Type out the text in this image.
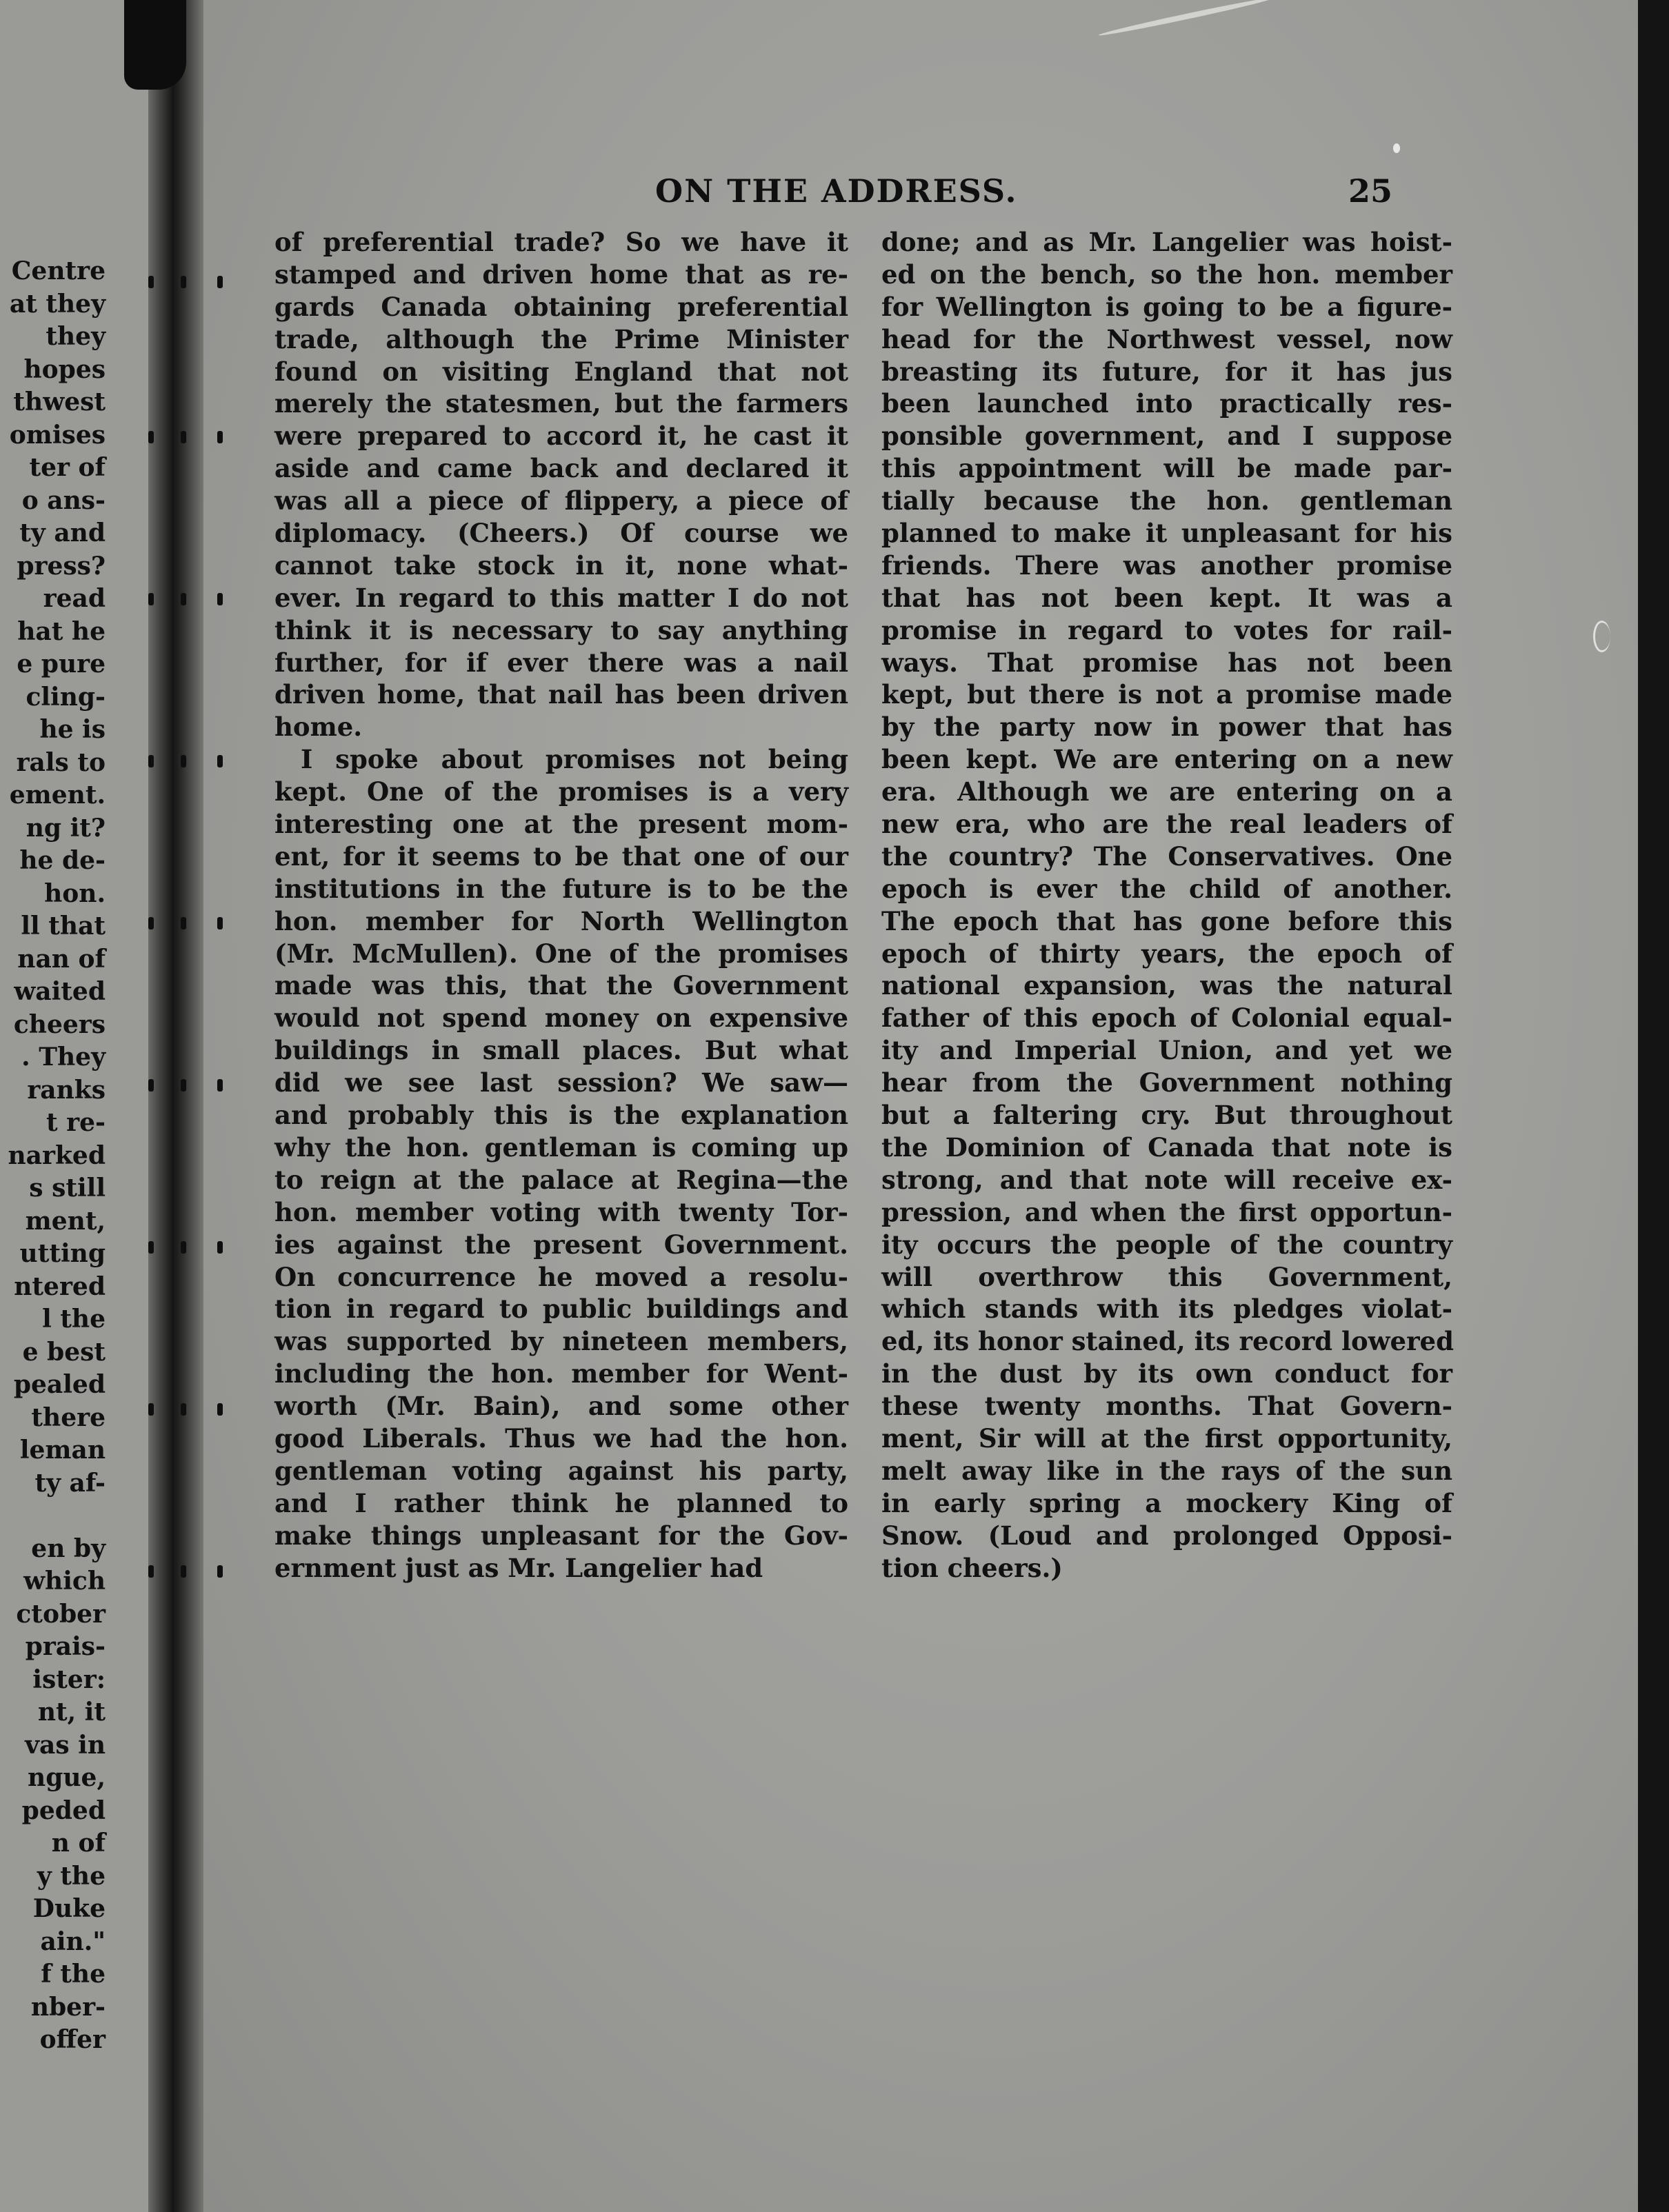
Centre
at they
they
hopes
thwest
omises
ter of
o ans-
ty and
press?
read
hat he
e pure
cling-
he is
rals to
ement.
ng it?
he de-
hon.
ll that
nan of
waited
cheers
. They
ranks
t re-
narked
s still
ment,
utting
ntered
l the
e best
pealed
there
leman
ty af-
en by
which
ctober
prais-
ister:
nt, it
vas in
ngue,
peded
n of
y the
Duke
ain."
f the
nber-
offer
ON THE ADDRESS.	25
of preferential trade? So we have it
stamped and driven home that as re-
gards Canada obtaining preferential
trade, although the Prime Minister
found on visiting England that not
merely the statesmen, but the farmers
were prepared to accord it, he cast it
aside and came back and declared it
was all a piece of flippery, a piece of
diplomacy. (Cheers.) Of course we
cannot take stock in it, none what-
ever. In regard to this matter I do not
think it is necessary to say anything
further, for if ever there was a nail
driven home, that nail has been driven
home.
I spoke about promises not being
kept. One of the promises is a very
interesting one at the present mom-
ent, for it seems to be that one of our
institutions in the future is to be the
hon. member for North Wellington
(Mr. McMullen). One of the promises
made was this, that the Government
would not spend money on expensive
buildings in small places. But what
did we see last session? We saw—
and probably this is the explanation
why the hon. gentleman is coming up
to reign at the palace at Regina—the
hon. member voting with twenty Tor-
ies against the present Government.
On concurrence he moved a resolu-
tion in regard to public buildings and
was supported by nineteen members,
including the hon. member for Went-
worth (Mr. Bain), and some other
good Liberals. Thus we had the hon.
gentleman voting against his party,
and I rather think he planned to
make things unpleasant for the Gov-
ernment just as Mr. Langelier had
done; and as Mr. Langelier was hoist-
ed on the bench, so the hon. member
for Wellington is going to be a figure-
head for the Northwest vessel, now
breasting its future, for it has jus
been launched into practically res-
ponsible government, and I suppose
this appointment will be made par-
tially because the hon. gentleman
planned to make it unpleasant for his
friends. There was another promise
that has not been kept. It was a
promise in regard to votes for rail-
ways. That promise has not been
kept, but there is not a promise made
by the party now in power that has
been kept. We are entering on a new
era. Although we are entering on a
new era, who are the real leaders of
the country? The Conservatives. One
epoch is ever the child of another.
The epoch that has gone before this
epoch of thirty years, the epoch of
national expansion, was the natural
father of this epoch of Colonial equal-
ity and Imperial Union, and yet we
hear from the Government nothing
but a faltering cry. But throughout
the Dominion of Canada that note is
strong, and that note will receive ex-
pression, and when the first opportun-
ity occurs the people of the country
will overthrow this Government,
which stands with its pledges violat-
ed, its honor stained, its record lowered
in the dust by its own conduct for
these twenty months. That Govern-
ment, Sir will at the first opportunity,
melt away like in the rays of the sun
in early spring a mockery King of
Snow. (Loud and prolonged Opposi-
tion cheers.)
